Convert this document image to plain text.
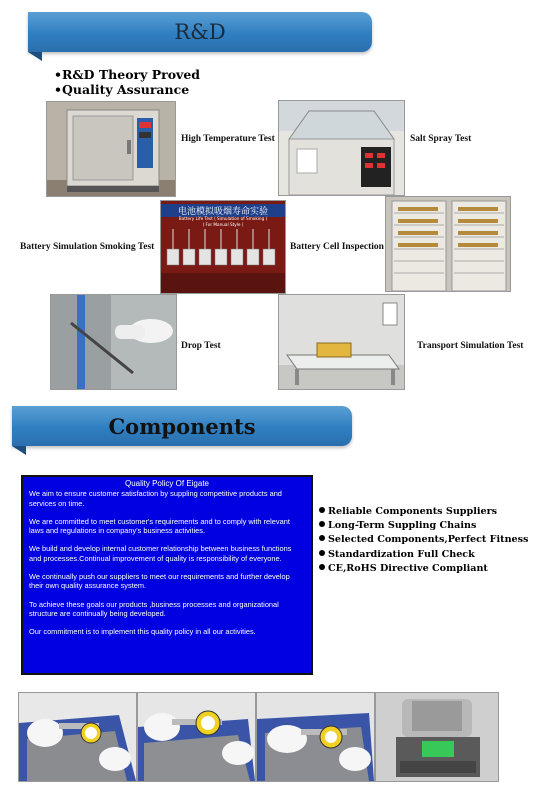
R&D
•R&D Theory Proved
•Quality Assurance
High Temperature Test	Salt Spray Test
Battery Simulation Smoking Test
电池模拟吸烟寿命实验
Battery Life Test ( Simulation of Smoking )
( For Manual Style )
Battery Cell Inspection
Drop Test	Transport Simulation Test
Components
Quality Policy Of Eigate

We aim to ensure customer satisfaction by suppling competitive products and services on time.

We are committed to meet customer's requirements and to comply with relevant laws and regulations in company's business activities.

We build and develop internal customer relationship between business functions and processes.Continual improvement of quality is responsibility of everyone.

We continually push our suppliers to meet our requirements and further develop their own quality assurance system.

To achieve these goals our products ,business processes and organizational structure are continually being developed.

Our commitment is to implement this quality policy in all our activities.

Reliable Components Suppliers
Long-Term Suppling Chains
Selected Components,Perfect Fitness
Standardization Full Check
CE,RoHS Directive Compliant
